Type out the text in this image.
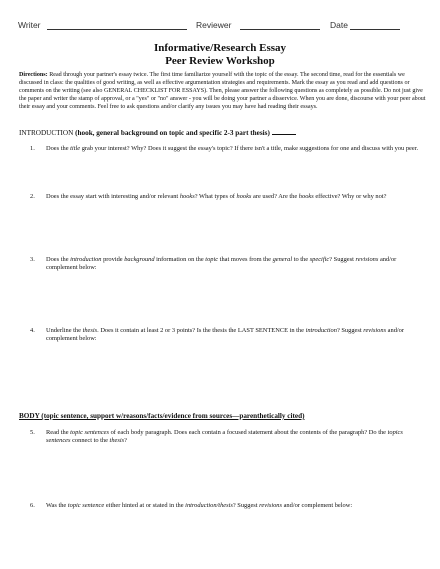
Writer	Reviewer	Date
Informative/Research Essay
Peer Review Workshop
Directions: Read through your partner's essay twice. The first time familiarize yourself with the topic of the essay. The second time, read for the essentials we discussed in class: the qualities of good writing, as well as effective argumentation strategies and requirements. Mark the essay as you read and add questions or comments on the writing (see also GENERAL CHECKLIST FOR ESSAYS). Then, please answer the following questions as completely as possible. Do not just give the paper and writer the stamp of approval, or a "yes" or "no" answer - you will be doing your partner a disservice. When you are done, discourse with your peer about their essay and your comments. Feel free to ask questions and/or clarify any issues you may have had reading their essays.
INTRODUCTION (hook, general background on topic and specific 2-3 part thesis)
1. Does the title grab your interest? Why? Does it suggest the essay's topic? If there isn't a title, make suggestions for one and discuss with you peer.
2. Does the essay start with interesting and/or relevant hooks? What types of hooks are used? Are the hooks effective? Why or why not?
3. Does the introduction provide background information on the topic that moves from the general to the specific? Suggest revisions and/or complement below:
4. Underline the thesis. Does it contain at least 2 or 3 points? Is the thesis the LAST SENTENCE in the introduction? Suggest revisions and/or complement below:
BODY (topic sentence, support w/reasons/facts/evidence from sources—parenthetically cited)
5. Read the topic sentences of each body paragraph. Does each contain a focused statement about the contents of the paragraph? Do the topics sentences connect to the thesis?
6. Was the topic sentence either hinted at or stated in the introduction/thesis? Suggest revisions and/or complement below:
